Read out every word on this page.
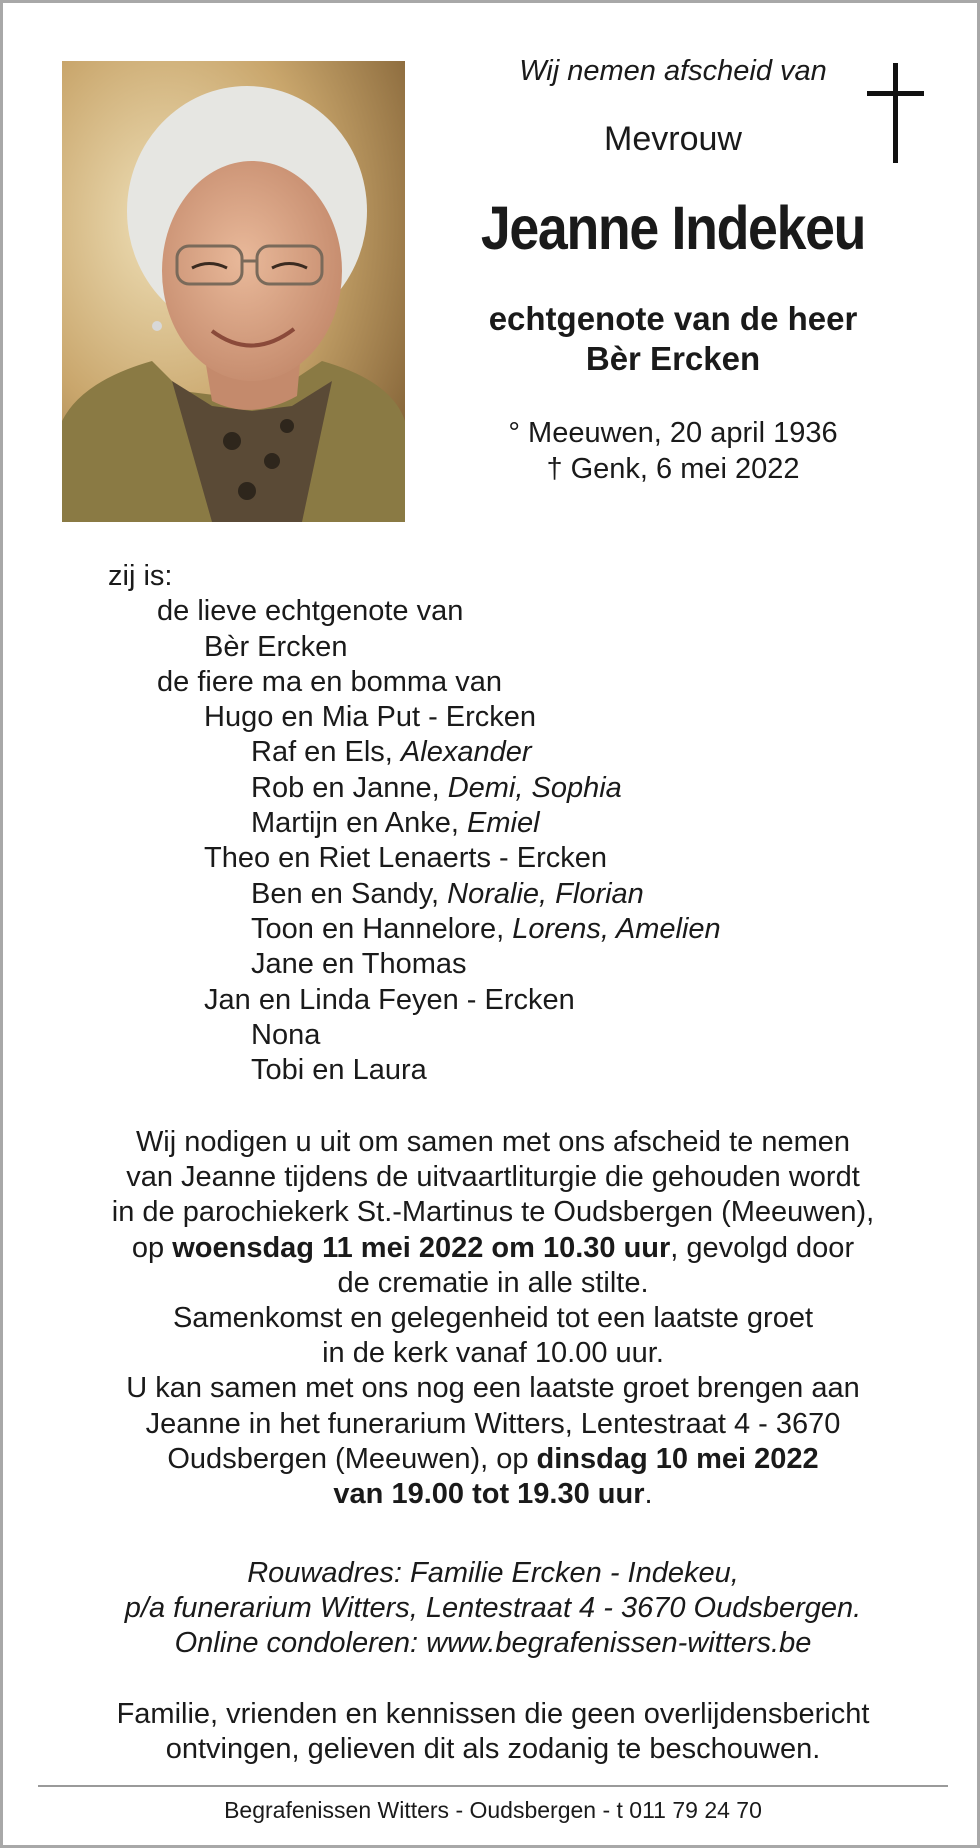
Wij nemen afscheid van
Mevrouw
Jeanne Indekeu
echtgenote van de heer
Bèr Ercken
° Meeuwen, 20 april 1936
† Genk, 6 mei 2022
zij is:
de lieve echtgenote van
Bèr Ercken
de fiere ma en bomma van
Hugo en Mia Put - Ercken
Raf en Els, Alexander
Rob en Janne, Demi, Sophia
Martijn en Anke, Emiel
Theo en Riet Lenaerts - Ercken
Ben en Sandy, Noralie, Florian
Toon en Hannelore, Lorens, Amelien
Jane en Thomas
Jan en Linda Feyen - Ercken
Nona
Tobi en Laura
Wij nodigen u uit om samen met ons afscheid te nemen
van Jeanne tijdens de uitvaartliturgie die gehouden wordt
in de parochiekerk St.-Martinus te Oudsbergen (Meeuwen),
op woensdag 11 mei 2022 om 10.30 uur, gevolgd door
de crematie in alle stilte.
Samenkomst en gelegenheid tot een laatste groet
in de kerk vanaf 10.00 uur.
U kan samen met ons nog een laatste groet brengen aan
Jeanne in het funerarium Witters, Lentestraat 4 - 3670
Oudsbergen (Meeuwen), op dinsdag 10 mei 2022
van 19.00 tot 19.30 uur.
Rouwadres: Familie Ercken - Indekeu,
p/a funerarium Witters, Lentestraat 4 - 3670 Oudsbergen.
Online condoleren: www.begrafenissen-witters.be
Familie, vrienden en kennissen die geen overlijdensbericht
ontvingen, gelieven dit als zodanig te beschouwen.
Begrafenissen Witters - Oudsbergen - t 011 79 24 70
